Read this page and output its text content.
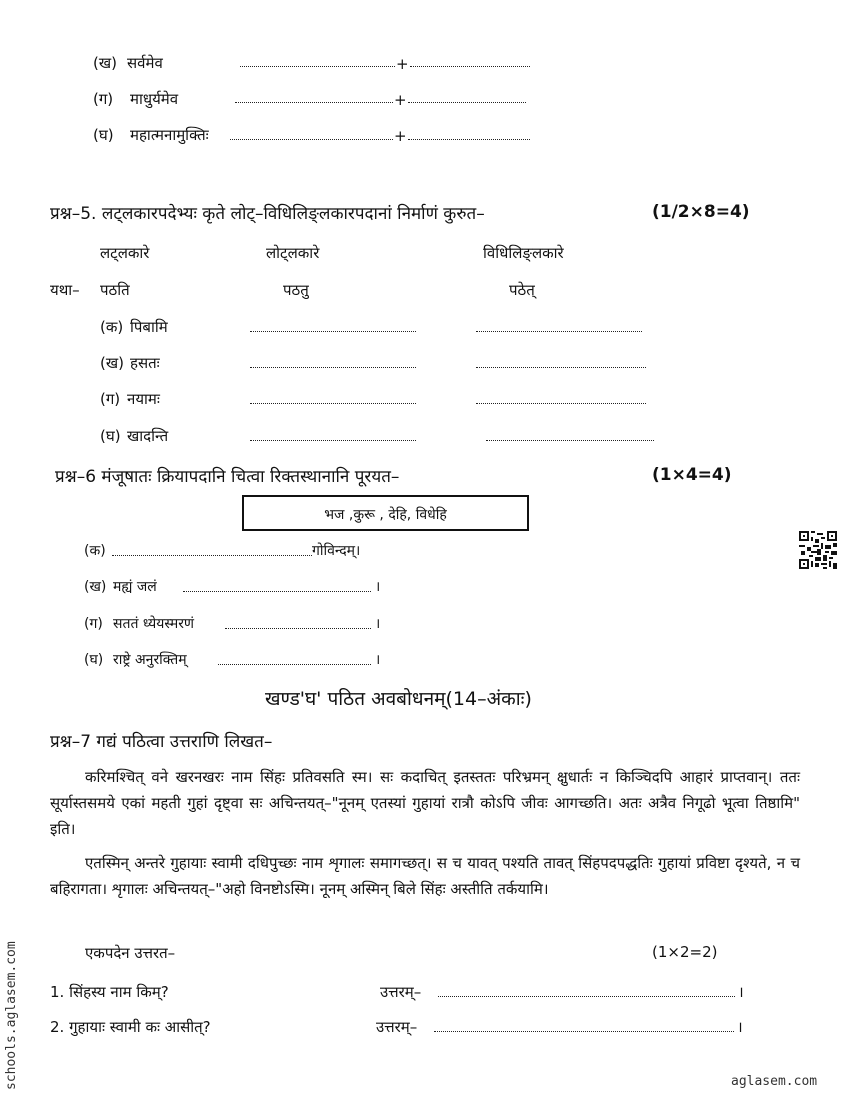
(ख) सर्वमेव	+
(ग) माधुर्यमेव	+
(घ) महात्मनामुक्तिः	+
प्रश्न–5. लट्लकारपदेभ्यः कृते लोट्–विधिलिङ्लकारपदानां निर्माणं कुरुत–	(1/2×8=4)
लट्लकारे	लोट्लकारे	विधिलिङ्लकारे
यथा– पठति	पठतु	पठेत्
(क) पिबामि
(ख) हसतः
(ग) नयामः
(घ) खादन्ति
प्रश्न–6 मंजूषातः क्रियापदानि चित्वा रिक्तस्थानानि पूरयत–	(1×4=4)
भज ,कुरू , देहि, विधेहि
(क)	गोविन्दम्।
(ख) मह्यं जलं	।
(ग) सततं ध्येयस्मरणं	।
(घ) राष्ट्रे अनुरक्तिम्	।
खण्ड'घ' पठित अवबोधनम्(14–अंकाः)
प्रश्न–7 गद्यं पठित्वा उत्तराणि लिखत–
करिमश्चित् वने खरनखरः नाम सिंहः प्रतिवसति स्म। सः कदाचित् इतस्ततः परिभ्रमन् क्षुधार्तः न किञ्चिदपि आहारं प्राप्तवान्। ततः सूर्यास्तसमये एकां महती गुहां दृष्ट्वा सः अचिन्तयत्–"नूनम् एतस्यां गुहायां रात्रौ कोऽपि जीवः आगच्छति। अतः अत्रैव निगूढो भूत्वा तिष्ठामि" इति।
एतस्मिन् अन्तरे गुहायाः स्वामी दधिपुच्छः नाम शृगालः समागच्छत्। स च यावत् पश्यति तावत् सिंहपदपद्धतिः गुहायां प्रविष्टा दृश्यते, न च बहिरागता। शृगालः अचिन्तयत्–"अहो विनष्टोऽस्मि। नूनम् अस्मिन् बिले सिंहः अस्तीति तर्कयामि।
एकपदेन उत्तरत–	(1×2=2)
1. सिंहस्य नाम किम्?	उत्तरम्–	।
2. गुहायाः स्वामी कः आसीत्?	उत्तरम्–	।
schools.aglasem.com	aglasem.com
